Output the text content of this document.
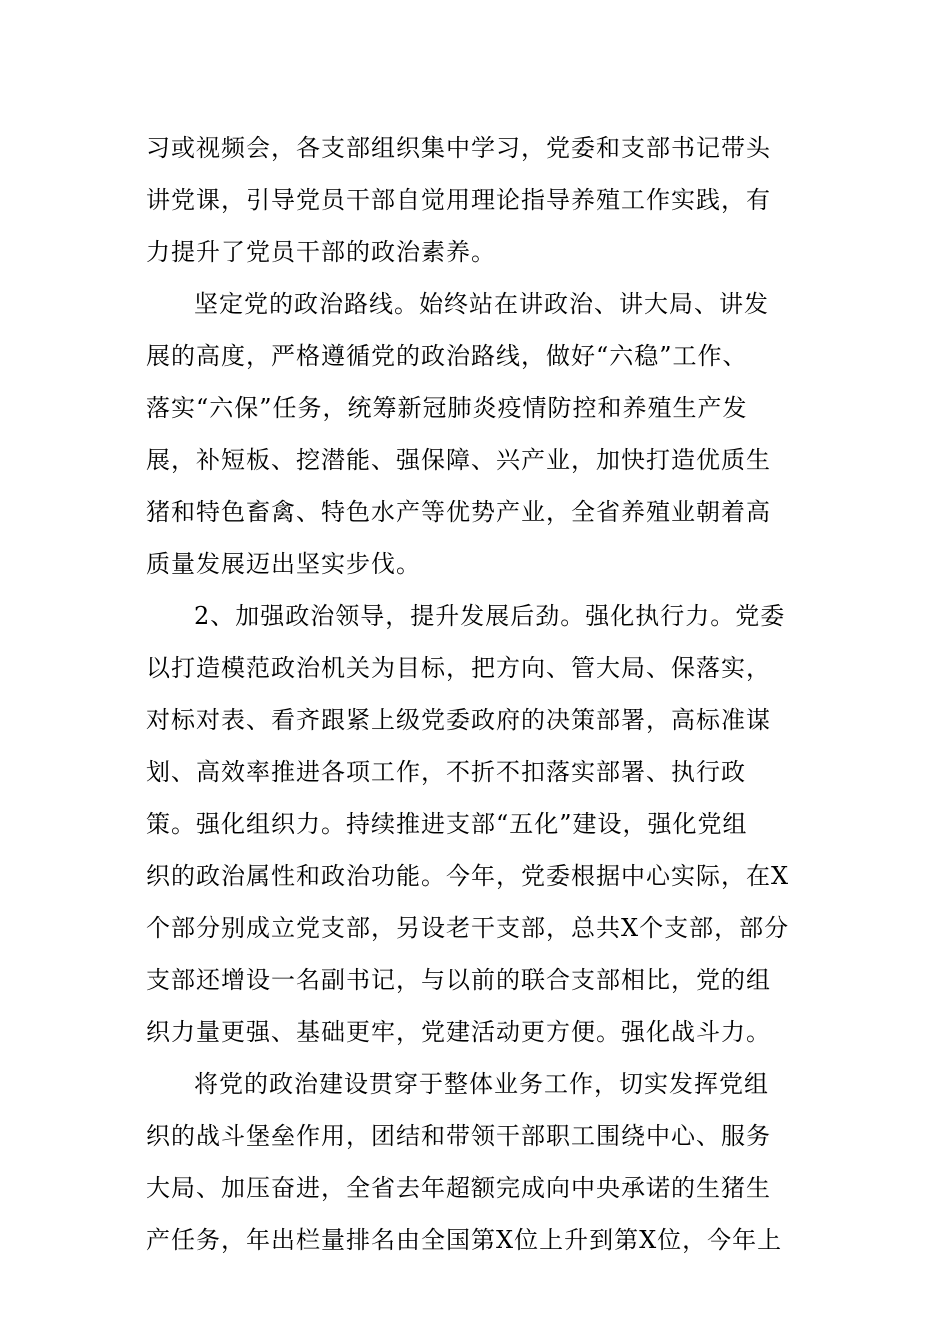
习或视频会，各支部组织集中学习，党委和支部书记带头
讲党课，引导党员干部自觉用理论指导养殖工作实践，有
力提升了党员干部的政治素养。
坚定党的政治路线。始终站在讲政治、讲大局、讲发
展的高度，严格遵循党的政治路线，做好“六稳”工作、
落实“六保”任务，统筹新冠肺炎疫情防控和养殖生产发
展，补短板、挖潜能、强保障、兴产业，加快打造优质生
猪和特色畜禽、特色水产等优势产业，全省养殖业朝着高
质量发展迈出坚实步伐。
2、加强政治领导，提升发展后劲。强化执行力。党委
以打造模范政治机关为目标，把方向、管大局、保落实，
对标对表、看齐跟紧上级党委政府的决策部署，高标准谋
划、高效率推进各项工作，不折不扣落实部署、执行政
策。强化组织力。持续推进支部“五化”建设，强化党组
织的政治属性和政治功能。今年，党委根据中心实际，在X
个部分别成立党支部，另设老干支部，总共X个支部，部分
支部还增设一名副书记，与以前的联合支部相比，党的组
织力量更强、基础更牢，党建活动更方便。强化战斗力。
将党的政治建设贯穿于整体业务工作，切实发挥党组
织的战斗堡垒作用，团结和带领干部职工围绕中心、服务
大局、加压奋进，全省去年超额完成向中央承诺的生猪生
产任务，年出栏量排名由全国第X位上升到第X位，今年上
